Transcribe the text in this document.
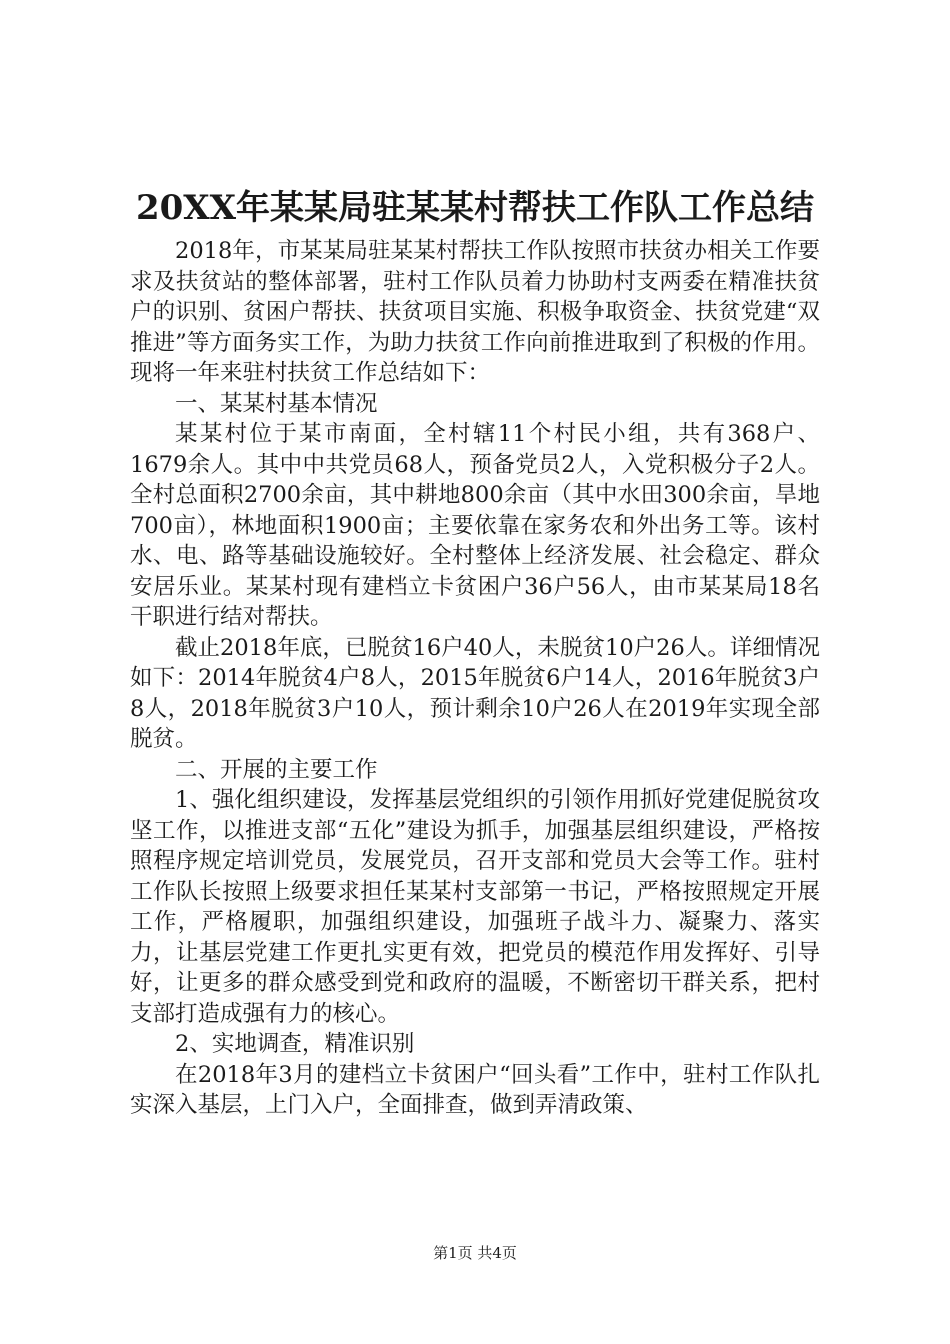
20XX年某某局驻某某村帮扶工作队工作总结

2018年，市某某局驻某某村帮扶工作队按照市扶贫办相关工作要求及扶贫站的整体部署，驻村工作队员着力协助村支两委在精准扶贫户的识别、贫困户帮扶、扶贫项目实施、积极争取资金、扶贫党建“双推进”等方面务实工作，为助力扶贫工作向前推进取到了积极的作用。现将一年来驻村扶贫工作总结如下：

一、某某村基本情况

某某村位于某市南面，全村辖11个村民小组，共有368户、1679余人。其中中共党员68人，预备党员2人，入党积极分子2人。全村总面积2700余亩，其中耕地800余亩（其中水田300余亩，旱地700亩），林地面积1900亩；主要依靠在家务农和外出务工等。该村水、电、路等基础设施较好。全村整体上经济发展、社会稳定、群众安居乐业。某某村现有建档立卡贫困户36户56人，由市某某局18名干职进行结对帮扶。

截止2018年底，已脱贫16户40人，未脱贫10户26人。详细情况如下：2014年脱贫4户8人，2015年脱贫6户14人，2016年脱贫3户8人，2018年脱贫3户10人，预计剩余10户26人在2019年实现全部脱贫。

二、开展的主要工作

1、强化组织建设，发挥基层党组织的引领作用抓好党建促脱贫攻坚工作，以推进支部“五化”建设为抓手，加强基层组织建设，严格按照程序规定培训党员，发展党员，召开支部和党员大会等工作。驻村工作队长按照上级要求担任某某村支部第一书记，严格按照规定开展工作，严格履职，加强组织建设，加强班子战斗力、凝聚力、落实力，让基层党建工作更扎实更有效，把党员的模范作用发挥好、引导好，让更多的群众感受到党和政府的温暖，不断密切干群关系，把村支部打造成强有力的核心。

2、实地调查，精准识别

在2018年3月的建档立卡贫困户“回头看”工作中，驻村工作队扎实深入基层，上门入户，全面排查，做到弄清政策、

第1页 共4页
